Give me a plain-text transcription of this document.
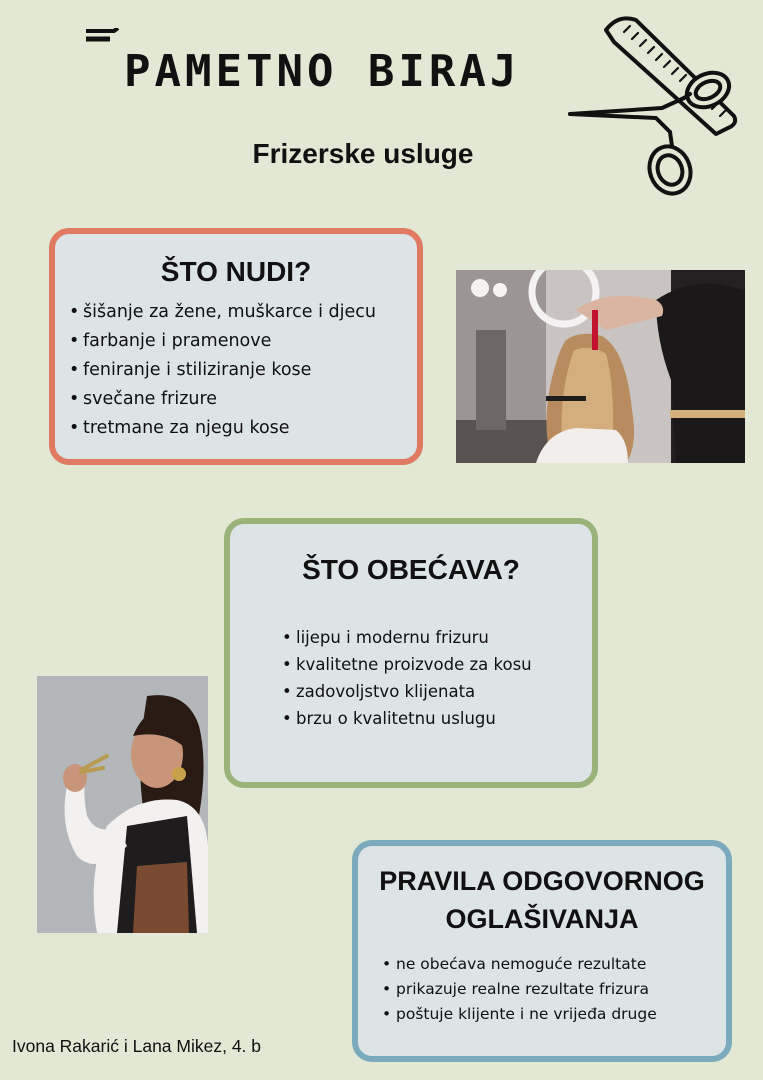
PAMETNO BIRAJ
Frizerske usluge
ŠTO NUDI?
• šišanje za žene, muškarce i djecu
• farbanje i pramenove
• feniranje i stiliziranje kose
• svečane frizure
• tretmane za njegu kose
ŠTO OBEĆAVA?
• lijepu i modernu frizuru
• kvalitetne proizvode za kosu
• zadovoljstvo klijenata
• brzu o kvalitetnu uslugu
PRAVILA ODGOVORNOG
OGLAŠIVANJA
• ne obećava nemoguće rezultate
• prikazuje realne rezultate frizura
• poštuje klijente i ne vrijeđa druge
Ivona Rakarić i Lana Mikez, 4. b
